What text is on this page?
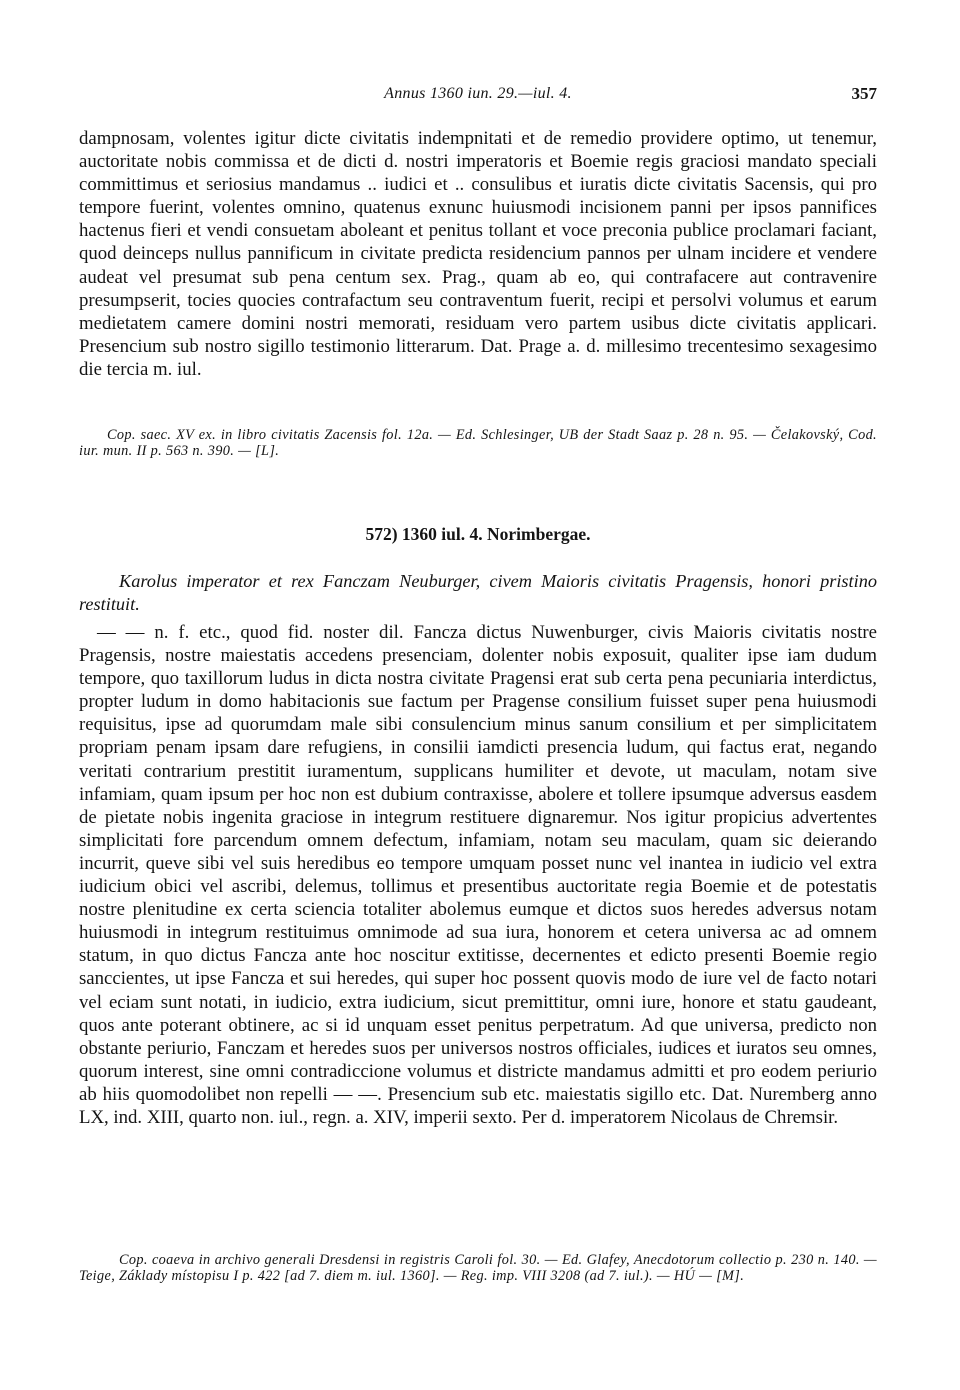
Annus 1360 iun. 29.—iul. 4.	357

dampnosam, volentes igitur dicte civitatis indempnitati et de remedio providere optimo, ut tenemur, auctoritate nobis commissa et de dicti d. nostri imperatoris et Boemie regis graciosi mandato speciali committimus et seriosius mandamus .. iudici et .. consulibus et iuratis dicte civitatis Sacensis, qui pro tempore fuerint, volentes omnino, quatenus exnunc huiusmodi incisionem panni per ipsos pannifices hactenus fieri et vendi consuetam aboleant et penitus tollant et voce preconia publice proclamari faciant, quod deinceps nullus pannificum in civitate predicta residencium pannos per ulnam incidere et vendere audeat vel presumat sub pena centum sex. Prag., quam ab eo, qui contrafacere aut contravenire presumpserit, tocies quocies contrafactum seu contraventum fuerit, recipi et persolvi volumus et earum medietatem camere domini nostri memorati, residuam vero partem usibus dicte civitatis applicari. Presencium sub nostro sigillo testimonio litterarum. Dat. Prage a. d. millesimo trecentesimo sexagesimo die tercia m. iul.

Cop. saec. XV ex. in libro civitatis Zacensis fol. 12a. — Ed. Schlesinger, UB der Stadt Saaz p. 28 n. 95. — Čelakovský, Cod. iur. mun. II p. 563 n. 390. — [L].

572) 1360 iul. 4. Norimbergae.

Karolus imperator et rex Fanczam Neuburger, civem Maioris civitatis Pragensis, honori pristino restituit.

— — n. f. etc., quod fid. noster dil. Fancza dictus Nuwenburger, civis Maioris civitatis nostre Pragensis, nostre maiestatis accedens presenciam, dolenter nobis exposuit, qualiter ipse iam dudum tempore, quo taxillorum ludus in dicta nostra civitate Pragensi erat sub certa pena pecuniaria interdictus, propter ludum in domo habitacionis sue factum per Pragense consilium fuisset super pena huiusmodi requisitus, ipse ad quorumdam male sibi consulencium minus sanum consilium et per simplicitatem propriam penam ipsam dare refugiens, in consilii iamdicti presencia ludum, qui factus erat, negando veritati contrarium prestitit iuramentum, supplicans humiliter et devote, ut maculam, notam sive infamiam, quam ipsum per hoc non est dubium contraxisse, abolere et tollere ipsumque adversus easdem de pietate nobis ingenita graciose in integrum restituere dignaremur. Nos igitur propicius advertentes simplicitati fore parcendum omnem defectum, infamiam, notam seu maculam, quam sic deierando incurrit, queve sibi vel suis heredibus eo tempore umquam posset nunc vel inantea in iudicio vel extra iudicium obici vel ascribi, delemus, tollimus et presentibus auctoritate regia Boemie et de potestatis nostre plenitudine ex certa sciencia totaliter abolemus eumque et dictos suos heredes adversus notam huiusmodi in integrum restituimus omnimode ad sua iura, honorem et cetera universa ac ad omnem statum, in quo dictus Fancza ante hoc noscitur extitisse, decernentes et edicto presenti Boemie regio sanccientes, ut ipse Fancza et sui heredes, qui super hoc possent quovis modo de iure vel de facto notari vel eciam sunt notati, in iudicio, extra iudicium, sicut premittitur, omni iure, honore et statu gaudeant, quos ante poterant obtinere, ac si id unquam esset penitus perpetratum. Ad que universa, predicto non obstante periurio, Fanczam et heredes suos per universos nostros officiales, iudices et iuratos seu omnes, quorum interest, sine omni contradiccione volumus et districte mandamus admitti et pro eodem periurio ab hiis quomodolibet non repelli — —. Presencium sub etc. maiestatis sigillo etc. Dat. Nuremberg anno LX, ind. XIII, quarto non. iul., regn. a. XIV, imperii sexto. Per d. imperatorem Nicolaus de Chremsir.

Cop. coaeva in archivo generali Dresdensi in registris Caroli fol. 30. — Ed. Glafey, Anecdotorum collectio p. 230 n. 140. — Teige, Základy místopisu I p. 422 [ad 7. diem m. iul. 1360]. — Reg. imp. VIII 3208 (ad 7. iul.). — HÚ — [M].
